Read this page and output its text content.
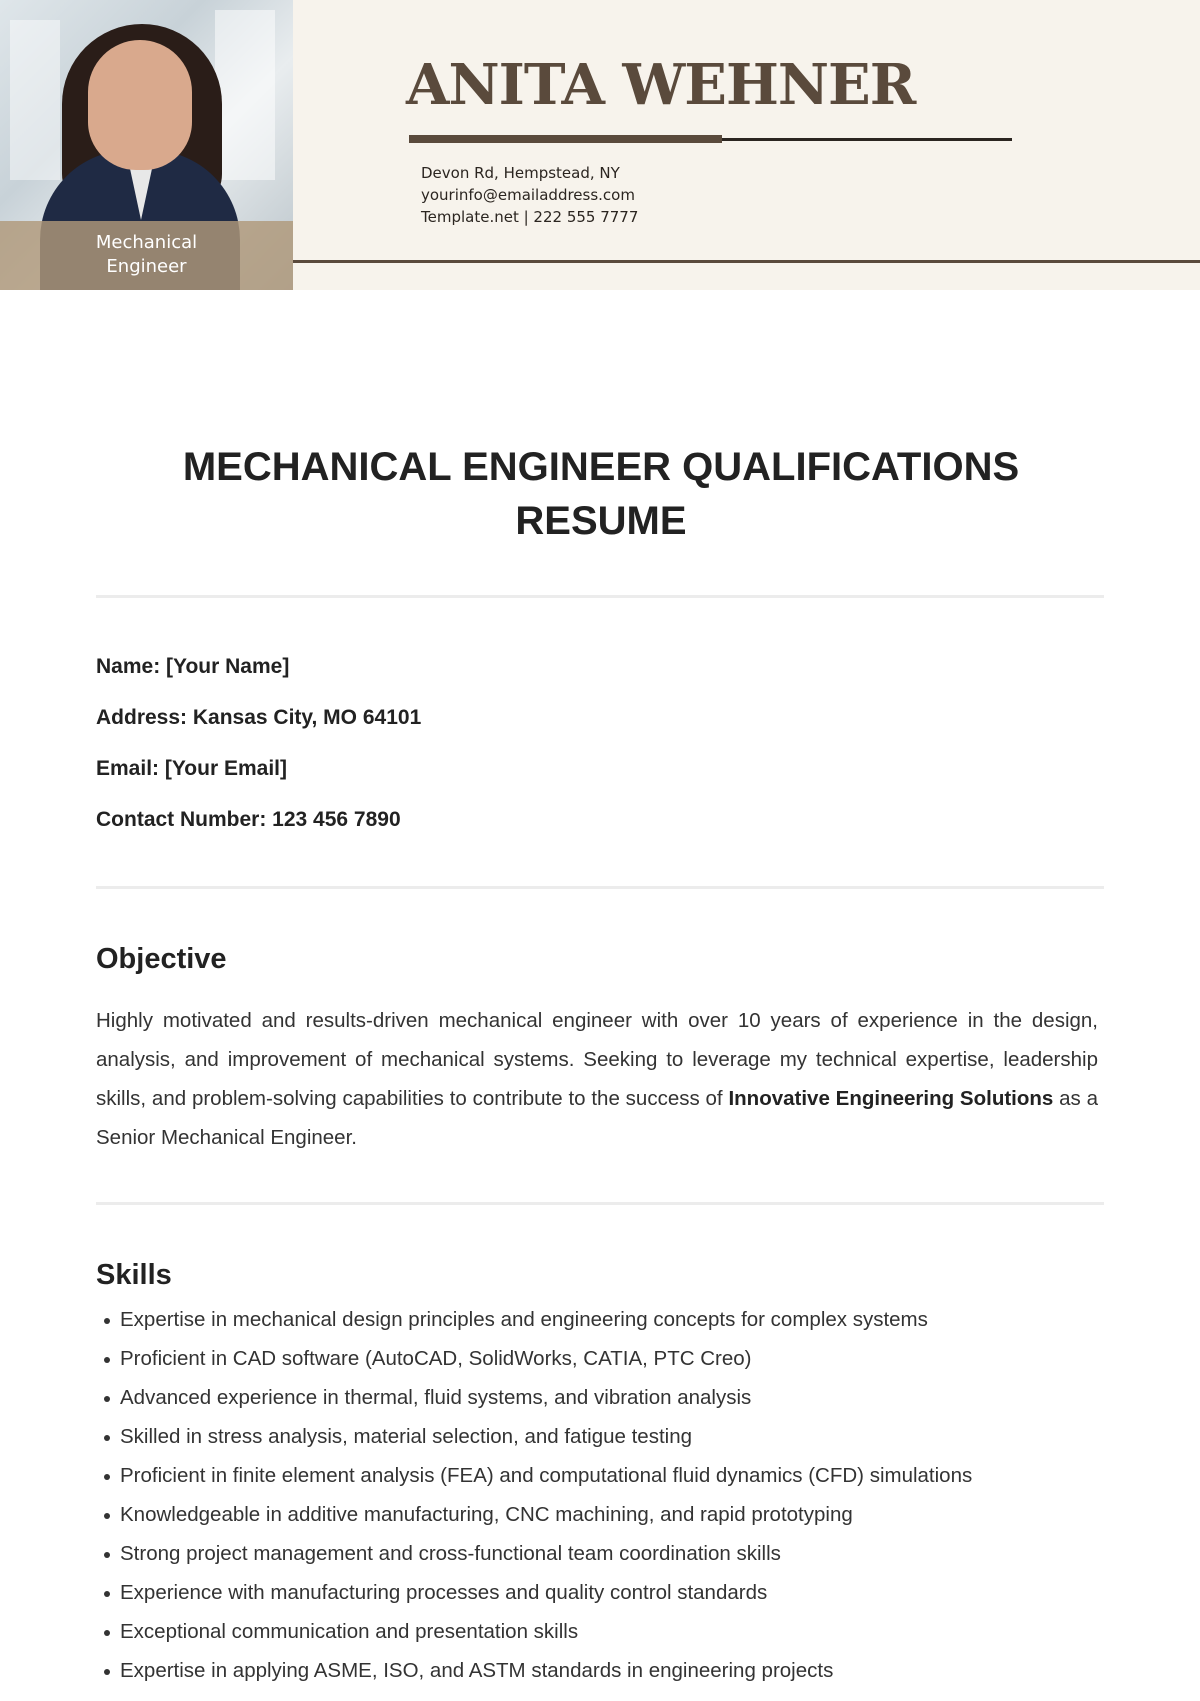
Mechanical
Engineer
ANITA WEHNER
Devon Rd, Hempstead, NY
yourinfo@emailaddress.com
Template.net | 222 555 7777
MECHANICAL ENGINEER QUALIFICATIONS RESUME
Name: [Your Name]
Address: Kansas City, MO 64101
Email: [Your Email]
Contact Number: 123 456 7890
Objective

Highly motivated and results-driven mechanical engineer with over 10 years of experience in the design, analysis, and improvement of mechanical systems. Seeking to leverage my technical expertise, leadership skills, and problem-solving capabilities to contribute to the success of Innovative Engineering Solutions as a Senior Mechanical Engineer.

Skills
Expertise in mechanical design principles and engineering concepts for complex systems
Proficient in CAD software (AutoCAD, SolidWorks, CATIA, PTC Creo)
Advanced experience in thermal, fluid systems, and vibration analysis
Skilled in stress analysis, material selection, and fatigue testing
Proficient in finite element analysis (FEA) and computational fluid dynamics (CFD) simulations
Knowledgeable in additive manufacturing, CNC machining, and rapid prototyping
Strong project management and cross-functional team coordination skills
Experience with manufacturing processes and quality control standards
Exceptional communication and presentation skills
Expertise in applying ASME, ISO, and ASTM standards in engineering projects
